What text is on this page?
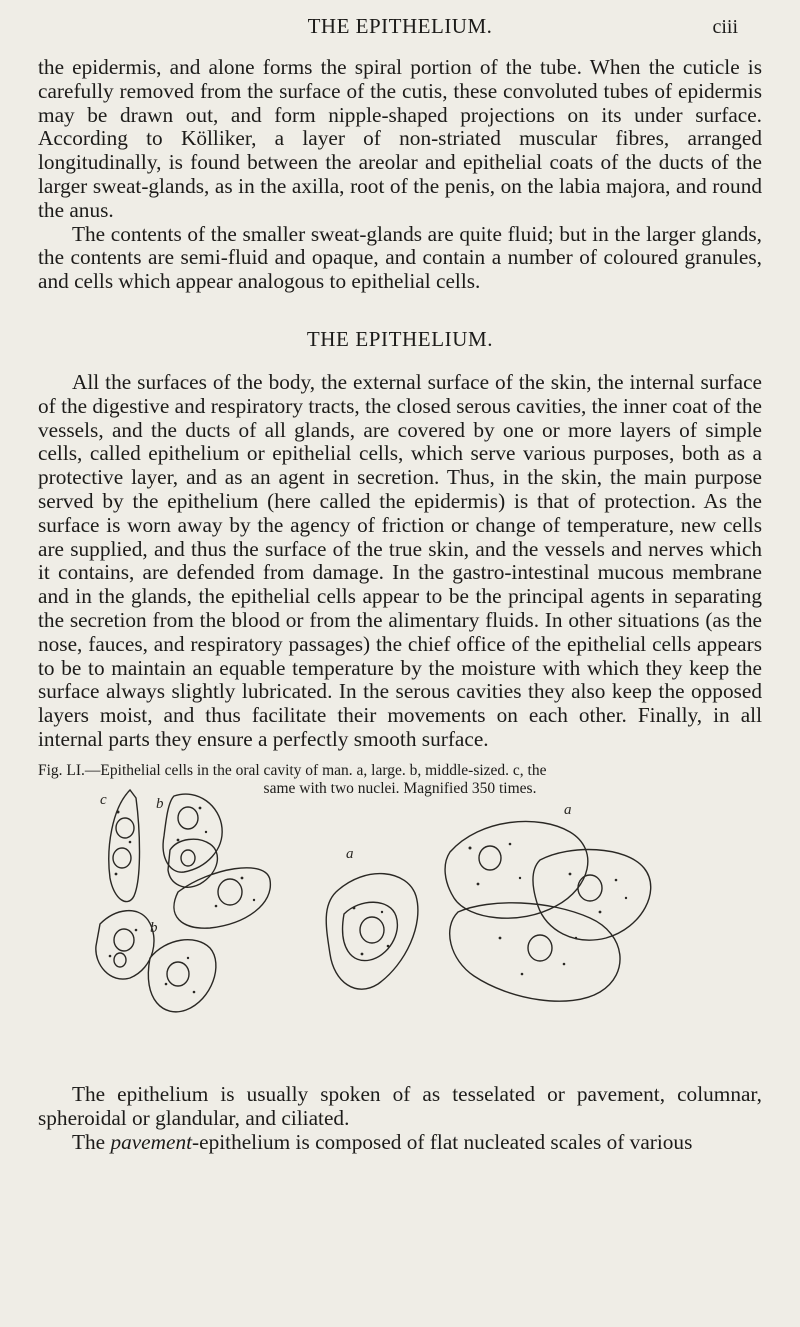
THE EPITHELIUM.	ciii

the epidermis, and alone forms the spiral portion of the tube. When the cuticle is carefully removed from the surface of the cutis, these convoluted tubes of epidermis may be drawn out, and form nipple-shaped projections on its under surface. According to Kölliker, a layer of non-striated muscular fibres, arranged longitudinally, is found between the areolar and epithelial coats of the ducts of the larger sweat-glands, as in the axilla, root of the penis, on the labia majora, and round the anus.

The contents of the smaller sweat-glands are quite fluid; but in the larger glands, the contents are semi-fluid and opaque, and contain a number of coloured granules, and cells which appear analogous to epithelial cells.

THE EPITHELIUM.

All the surfaces of the body, the external surface of the skin, the internal surface of the digestive and respiratory tracts, the closed serous cavities, the inner coat of the vessels, and the ducts of all glands, are covered by one or more layers of simple cells, called epithelium or epithelial cells, which serve various purposes, both as a protective layer, and as an agent in secretion. Thus, in the skin, the main purpose served by the epithelium (here called the epidermis) is that of protection. As the surface is worn away by the agency of friction or change of temperature, new cells are supplied, and thus the surface of the true skin, and the vessels and nerves which it contains, are defended from damage. In the gastro-intestinal mucous membrane and in the glands, the epithelial cells appear to be the principal agents in separating the secretion from the blood or from the alimentary fluids. In other situations (as the nose, fauces, and respiratory passages) the chief office of the epithelial cells appears to be to maintain an equable temperature by the moisture with which they keep the surface always slightly lubricated. In the serous cavities they also keep the opposed layers moist, and thus facilitate their movements on each other. Finally, in all internal parts they ensure a perfectly smooth surface.

Fig. LI.—Epithelial cells in the oral cavity of man. a, large. b, middle-sized. c, the

same with two nuclei. Magnified 350 times.

c	b
b
a
a

The epithelium is usually spoken of as tesselated or pavement, columnar, spheroidal or glandular, and ciliated.

The pavement-epithelium is composed of flat nucleated scales of various
